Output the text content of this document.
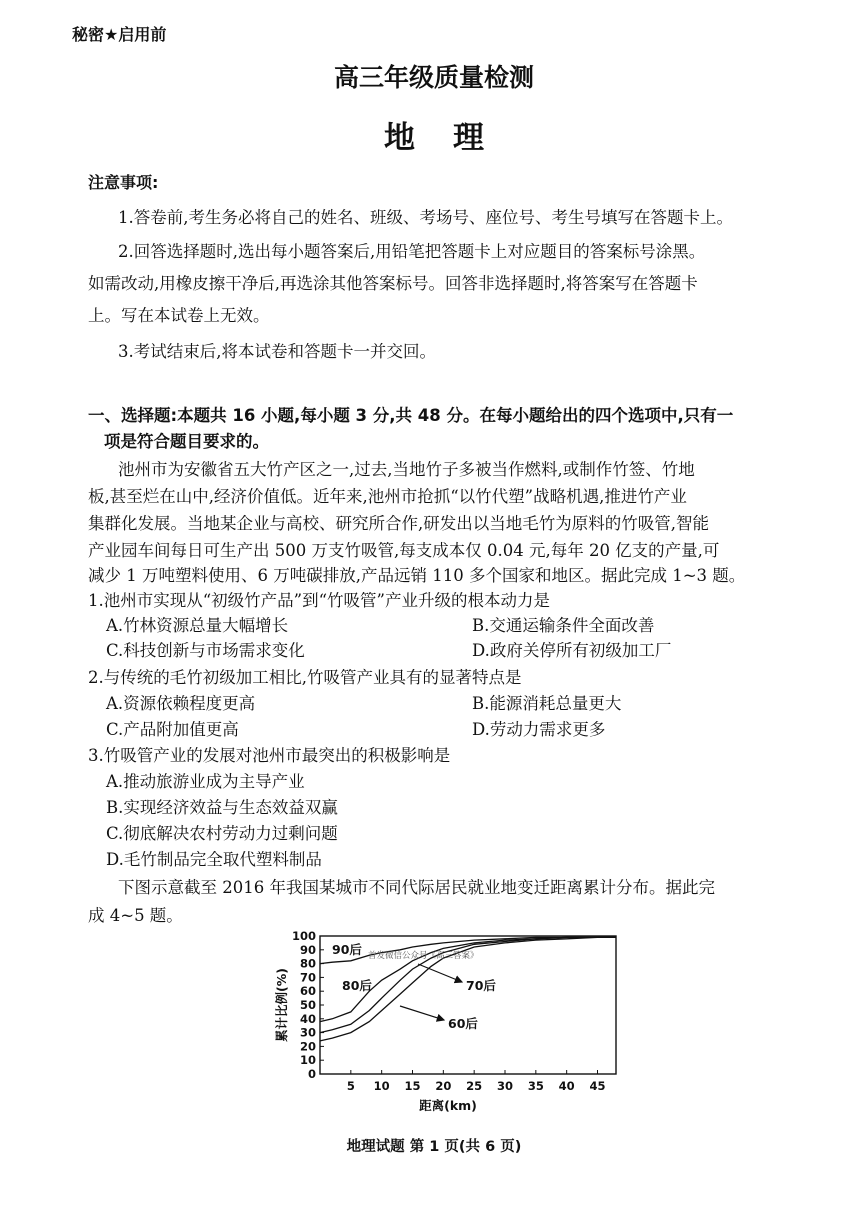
秘密★启用前
高三年级质量检测
地理
注意事项:
1.答卷前,考生务必将自己的姓名、班级、考场号、座位号、考生号填写在答题卡上。
2.回答选择题时,选出每小题答案后,用铅笔把答题卡上对应题目的答案标号涂黑。
如需改动,用橡皮擦干净后,再选涂其他答案标号。回答非选择题时,将答案写在答题卡
上。写在本试卷上无效。
3.考试结束后,将本试卷和答题卡一并交回。
一、选择题:本题共 16 小题,每小题 3 分,共 48 分。在每小题给出的四个选项中,只有一
项是符合题目要求的。
池州市为安徽省五大竹产区之一,过去,当地竹子多被当作燃料,或制作竹签、竹地
板,甚至烂在山中,经济价值低。近年来,池州市抢抓“以竹代塑”战略机遇,推进竹产业
集群化发展。当地某企业与高校、研究所合作,研发出以当地毛竹为原料的竹吸管,智能
产业园车间每日可生产出 500 万支竹吸管,每支成本仅 0.04 元,每年 20 亿支的产量,可
减少 1 万吨塑料使用、6 万吨碳排放,产品远销 110 多个国家和地区。据此完成 1~3 题。
1.池州市实现从“初级竹产品”到“竹吸管”产业升级的根本动力是
A.竹林资源总量大幅增长	B.交通运输条件全面改善
C.科技创新与市场需求变化	D.政府关停所有初级加工厂
2.与传统的毛竹初级加工相比,竹吸管产业具有的显著特点是
A.资源依赖程度更高	B.能源消耗总量更大
C.产品附加值更高	D.劳动力需求更多
3.竹吸管产业的发展对池州市最突出的积极影响是
A.推动旅游业成为主导产业
B.实现经济效益与生态效益双赢
C.彻底解决农村劳动力过剩问题
D.毛竹制品完全取代塑料制品
下图示意截至 2016 年我国某城市不同代际居民就业地变迁距离累计分布。据此完
成 4~5 题。
0
10
20
30
40
50
60
70
80
90
100
5 10 15 20 25 30 35 40 45
距离(km)
累计比例(%)
首发微信公众号《高三答案》
90后
80后	70后
60后
地理试题 第 1 页(共 6 页)
